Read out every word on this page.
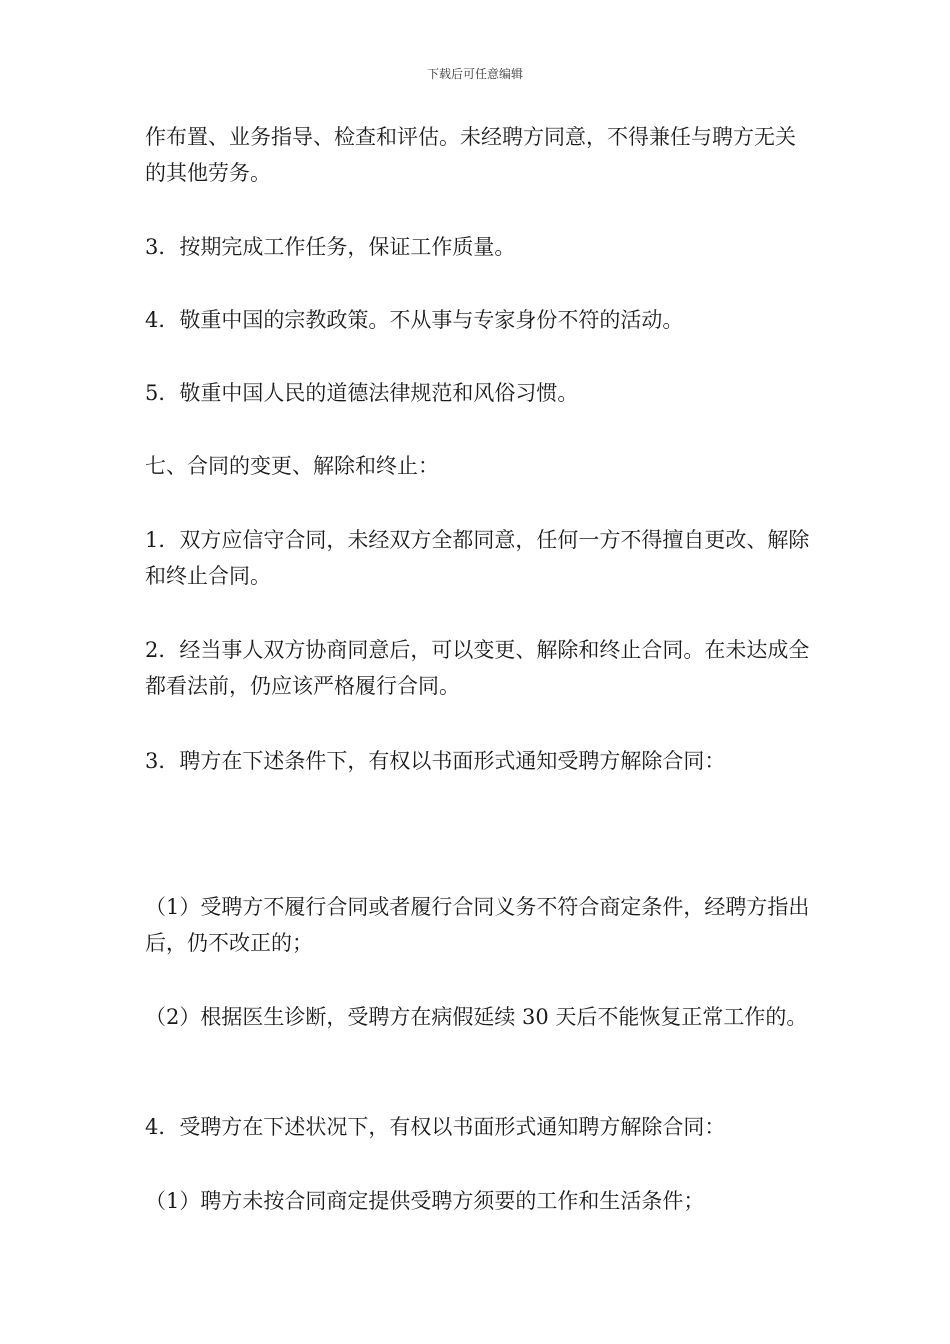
下载后可任意编辑

作布置、业务指导、检查和评估。未经聘方同意，不得兼任与聘方无关的其他劳务。

3．按期完成工作任务，保证工作质量。

4．敬重中国的宗教政策。不从事与专家身份不符的活动。

5．敬重中国人民的道德法律规范和风俗习惯。

七、合同的变更、解除和终止：

1．双方应信守合同，未经双方全都同意，任何一方不得擅自更改、解除和终止合同。

2．经当事人双方协商同意后，可以变更、解除和终止合同。在未达成全都看法前，仍应该严格履行合同。

3．聘方在下述条件下，有权以书面形式通知受聘方解除合同：

（1）受聘方不履行合同或者履行合同义务不符合商定条件，经聘方指出后，仍不改正的；

（2）根据医生诊断，受聘方在病假延续 30 天后不能恢复正常工作的。

4．受聘方在下述状况下，有权以书面形式通知聘方解除合同：

（1）聘方未按合同商定提供受聘方须要的工作和生活条件；
